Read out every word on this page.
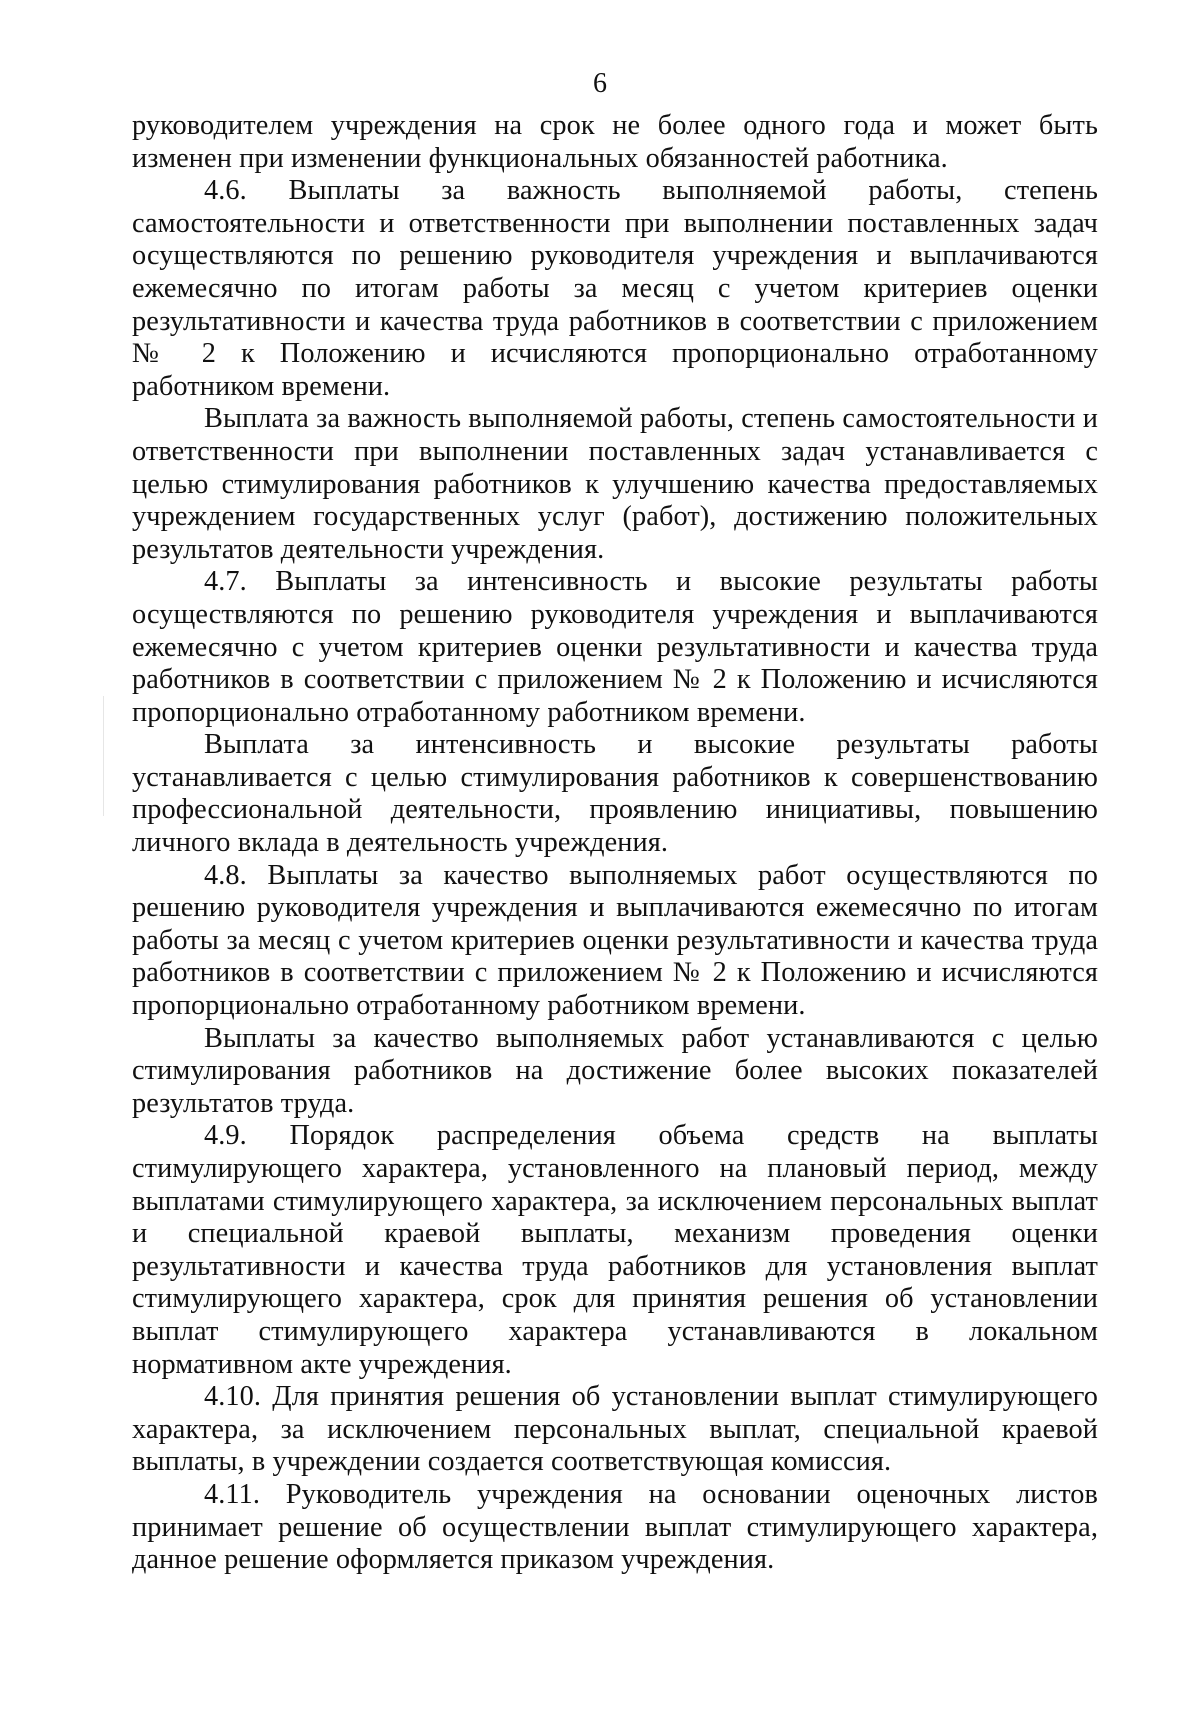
6

руководителем учреждения на срок не более одного года и может быть изменен при изменении функциональных обязанностей работника.

4.6. Выплаты за важность выполняемой работы, степень самостоятельности и ответственности при выполнении поставленных задач осуществляются по решению руководителя учреждения и выплачиваются ежемесячно по итогам работы за месяц с учетом критериев оценки результативности и качества труда работников в соответствии с приложением № 2 к Положению и исчисляются пропорционально отработанному работником времени.

Выплата за важность выполняемой работы, степень самостоятельности и ответственности при выполнении поставленных задач устанавливается с целью стимулирования работников к улучшению качества предоставляемых учреждением государственных услуг (работ), достижению положительных результатов деятельности учреждения.

4.7. Выплаты за интенсивность и высокие результаты работы осуществляются по решению руководителя учреждения и выплачиваются ежемесячно с учетом критериев оценки результативности и качества труда работников в соответствии с приложением № 2 к Положению и исчисляются пропорционально отработанному работником времени.

Выплата за интенсивность и высокие результаты работы устанавливается с целью стимулирования работников к совершенствованию профессиональной деятельности, проявлению инициативы, повышению личного вклада в деятельность учреждения.

4.8. Выплаты за качество выполняемых работ осуществляются по решению руководителя учреждения и выплачиваются ежемесячно по итогам работы за месяц с учетом критериев оценки результативности и качества труда работников в соответствии с приложением № 2 к Положению и исчисляются пропорционально отработанному работником времени.

Выплаты за качество выполняемых работ устанавливаются с целью стимулирования работников на достижение более высоких показателей результатов труда.

4.9. Порядок распределения объема средств на выплаты стимулирующего характера, установленного на плановый период, между выплатами стимулирующего характера, за исключением персональных выплат и специальной краевой выплаты, механизм проведения оценки результативности и качества труда работников для установления выплат стимулирующего характера, срок для принятия решения об установлении выплат стимулирующего характера устанавливаются в локальном нормативном акте учреждения.

4.10. Для принятия решения об установлении выплат стимулирующего характера, за исключением персональных выплат, специальной краевой выплаты, в учреждении создается соответствующая комиссия.

4.11. Руководитель учреждения на основании оценочных листов принимает решение об осуществлении выплат стимулирующего характера, данное решение оформляется приказом учреждения.
